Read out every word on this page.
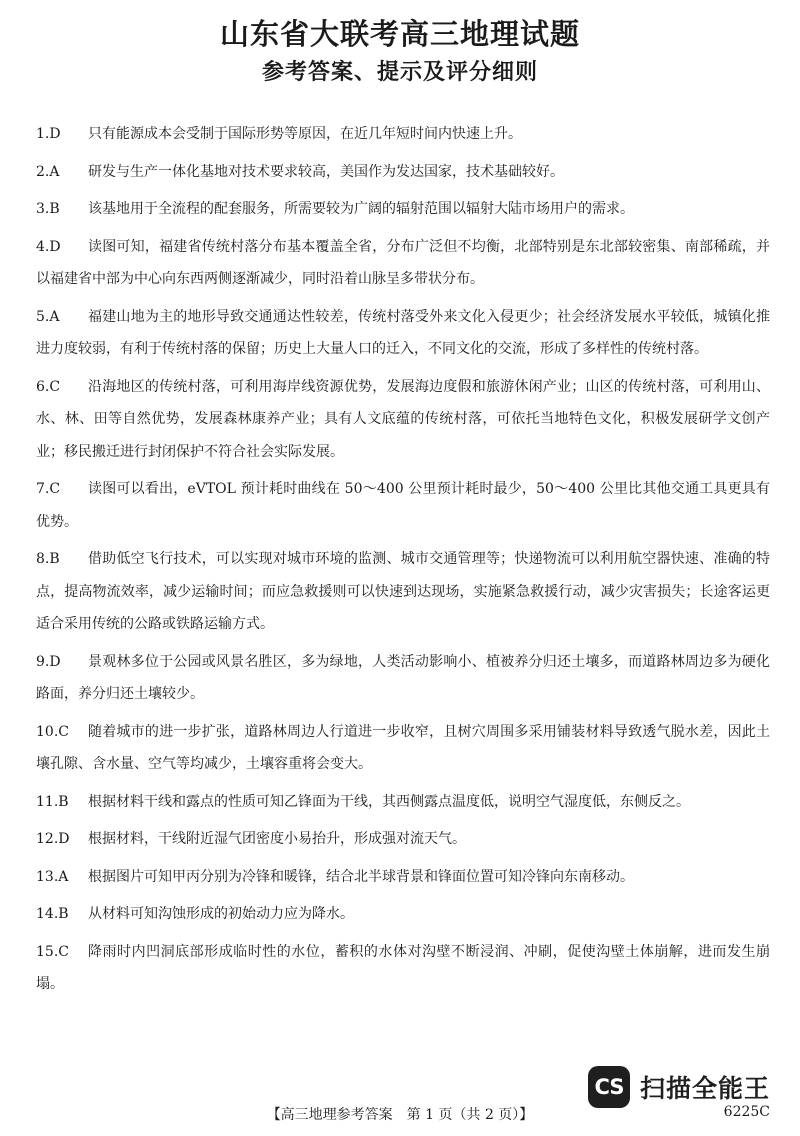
山东省大联考高三地理试题
参考答案、提示及评分细则
1.D	只有能源成本会受制于国际形势等原因，在近几年短时间内快速上升。
2.A	研发与生产一体化基地对技术要求较高，美国作为发达国家，技术基础较好。
3.B	该基地用于全流程的配套服务，所需要较为广阔的辐射范围以辐射大陆市场用户的需求。
4.D	读图可知，福建省传统村落分布基本覆盖全省，分布广泛但不均衡，北部特别是东北部较密集、南部稀疏，并以福建省中部为中心向东西两侧逐渐减少，同时沿着山脉呈多带状分布。
5.A	福建山地为主的地形导致交通通达性较差，传统村落受外来文化入侵更少；社会经济发展水平较低，城镇化推进力度较弱，有利于传统村落的保留；历史上大量人口的迁入，不同文化的交流，形成了多样性的传统村落。
6.C	沿海地区的传统村落，可利用海岸线资源优势，发展海边度假和旅游休闲产业；山区的传统村落，可利用山、水、林、田等自然优势，发展森林康养产业；具有人文底蕴的传统村落，可依托当地特色文化，积极发展研学文创产业；移民搬迁进行封闭保护不符合社会实际发展。
7.C	读图可以看出，eVTOL 预计耗时曲线在 50～400 公里预计耗时最少，50～400 公里比其他交通工具更具有优势。
8.B	借助低空飞行技术，可以实现对城市环境的监测、城市交通管理等；快递物流可以利用航空器快速、准确的特点，提高物流效率，减少运输时间；而应急救援则可以快速到达现场，实施紧急救援行动，减少灾害损失；长途客运更适合采用传统的公路或铁路运输方式。
9.D	景观林多位于公园或风景名胜区，多为绿地，人类活动影响小、植被养分归还土壤多，而道路林周边多为硬化路面，养分归还土壤较少。
10.C	随着城市的进一步扩张，道路林周边人行道进一步收窄，且树穴周围多采用铺装材料导致透气脱水差，因此土壤孔隙、含水量、空气等均减少，土壤容重将会变大。
11.B	根据材料干线和露点的性质可知乙锋面为干线，其西侧露点温度低，说明空气湿度低，东侧反之。
12.D	根据材料，干线附近湿气团密度小易抬升，形成强对流天气。
13.A	根据图片可知甲丙分别为冷锋和暖锋，结合北半球背景和锋面位置可知冷锋向东南移动。
14.B	从材料可知沟蚀形成的初始动力应为降水。
15.C	降雨时内凹洞底部形成临时性的水位，蓄积的水体对沟壁不断浸润、冲刷，促使沟壁土体崩解，进而发生崩塌。
【高三地理参考答案　第 1 页（共 2 页）】	6225C
CS 扫描全能王
